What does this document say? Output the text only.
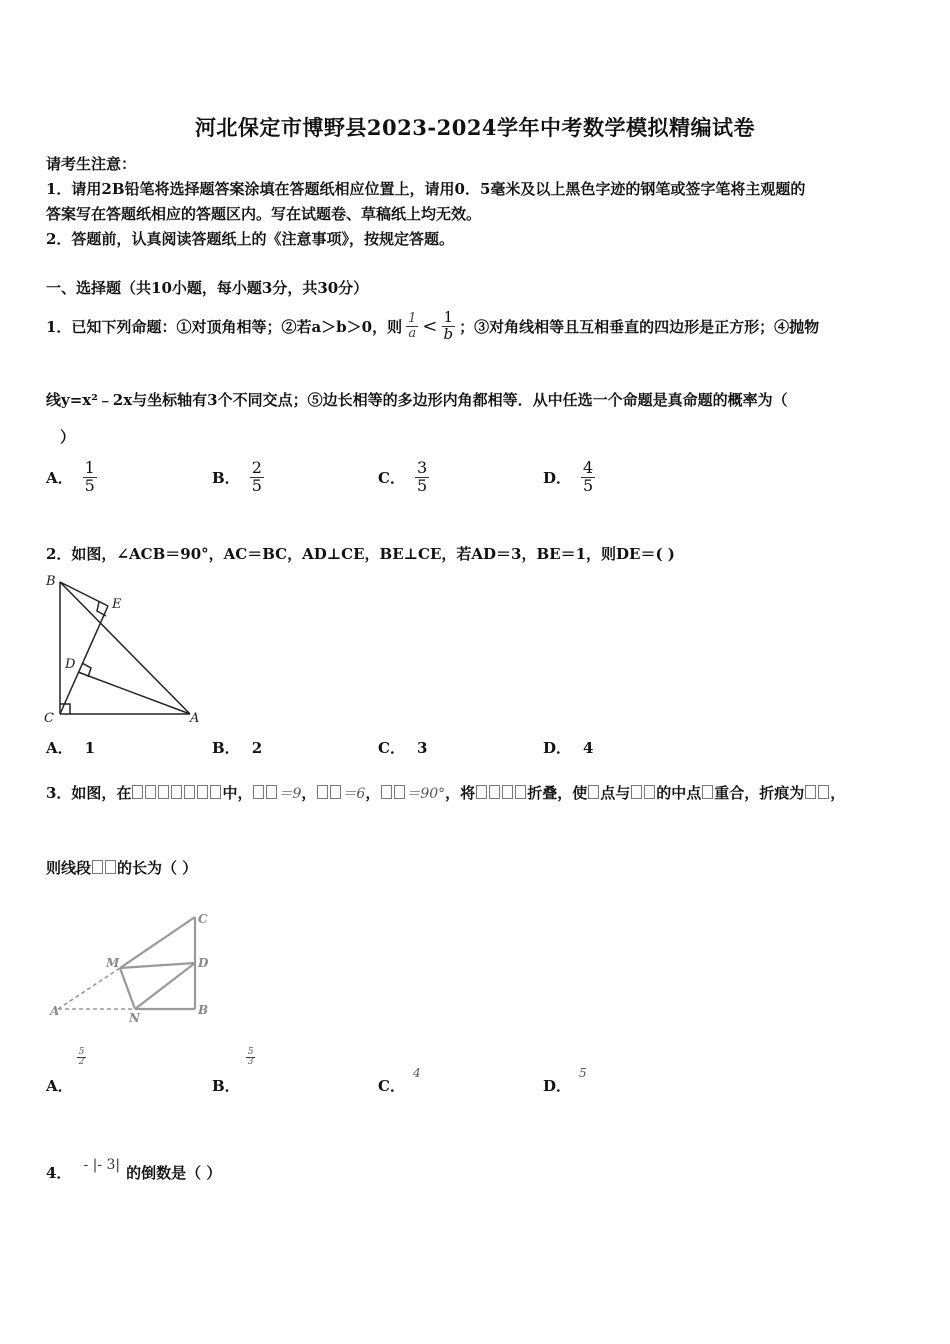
河北保定市博野县2023-2024学年中考数学模拟精编试卷
请考生注意：
1．请用2B铅笔将选择题答案涂填在答题纸相应位置上，请用0．5毫米及以上黑色字迹的钢笔或签字笔将主观题的
答案写在答题纸相应的答题区内。写在试题卷、草稿纸上均无效。
2．答题前，认真阅读答题纸上的《注意事项》，按规定答题。
一、选择题（共10小题，每小题3分，共30分）
1．已知下列命题：①对顶角相等；②若a＞b＞0，则 $\frac{1}{a} < \frac{1}{b}$ ；③对角线相等且互相垂直的四边形是正方形；④抛物
线y=x²﹣2x与坐标轴有3个不同交点；⑤边长相等的多边形内角都相等．从中任选一个命题是真命题的概率为（
）
A． $\frac{1}{5}$	B． $\frac{2}{5}$	C． $\frac{3}{5}$	D． $\frac{4}{5}$
2．如图，∠ACB＝90°，AC＝BC，AD⊥CE，BE⊥CE，若AD＝3，BE＝1，则DE＝( )
B
E
D
C	A
A． 1	B． 2	C． 3	D． 4
3．如图，在	中， ＝9 ， ＝6 ， ＝90° ，将	折叠，使 点与 的中点 重合，折痕为 ，
则线段 的长为（ ）
C
M	D
A	N
B
A．
$\frac{5}{2}$
B．
$\frac{5}{3}$
C．
4
D．
5
4． - |- 3| 的倒数是（ ）
